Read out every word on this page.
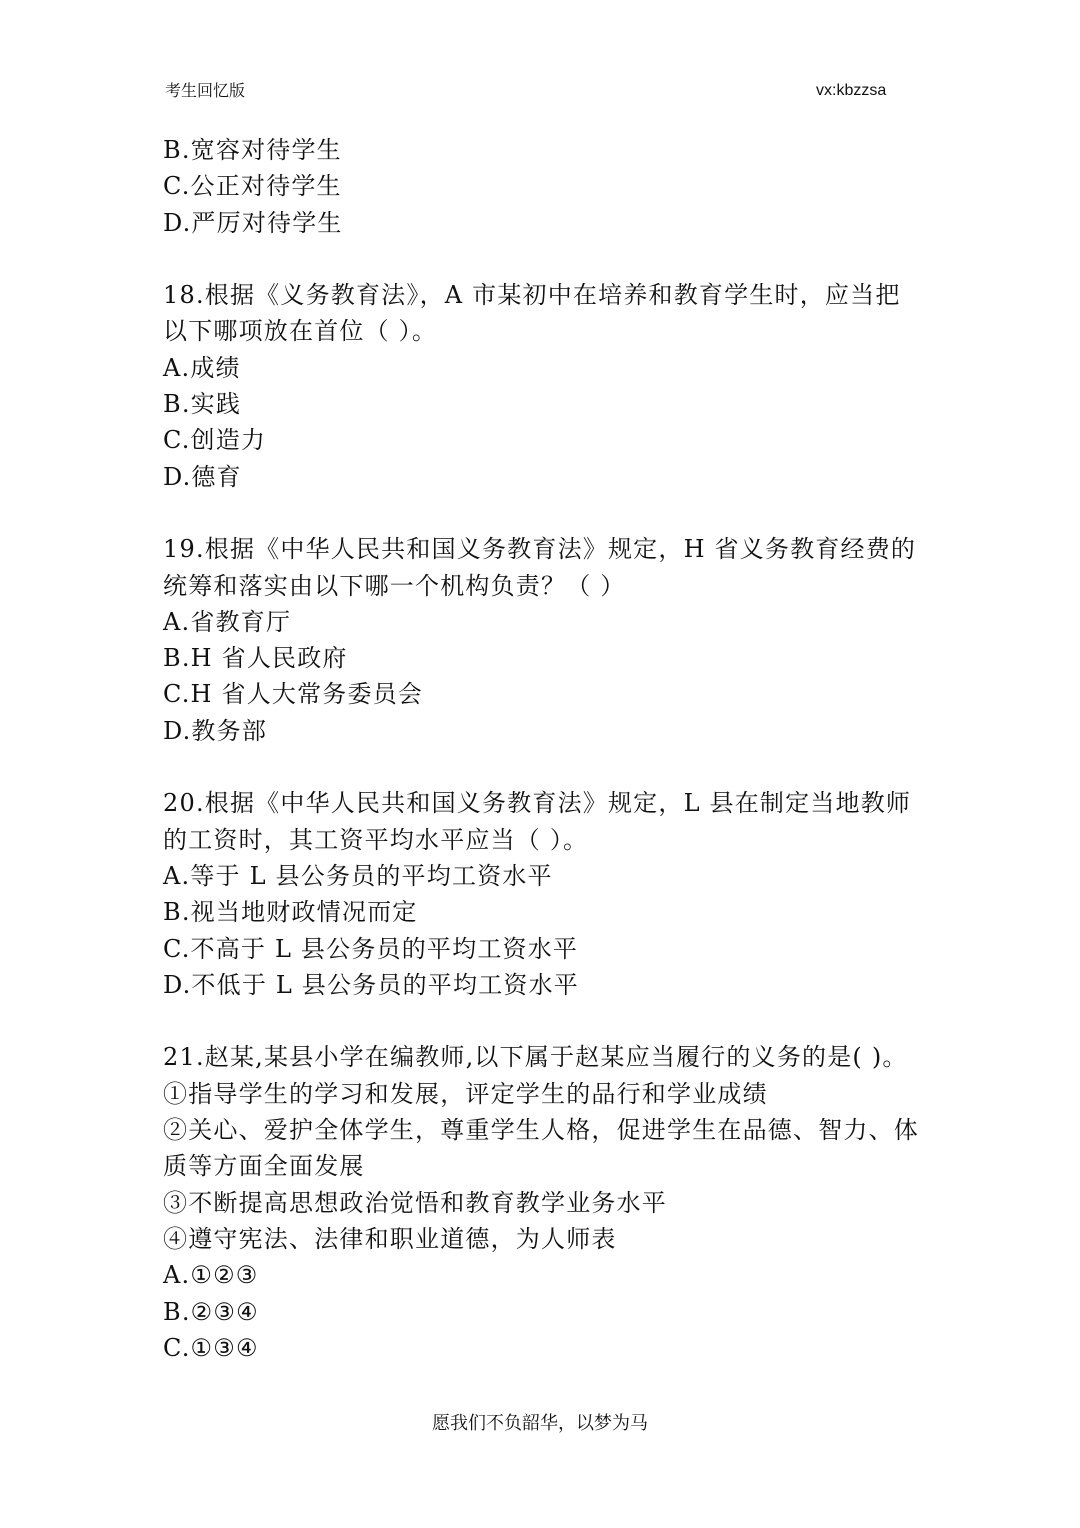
考生回忆版	vx:kbzzsa
B.宽容对待学生
C.公正对待学生
D.严厉对待学生
18.根据《义务教育法》，A 市某初中在培养和教育学生时，应当把
以下哪项放在首位（ ）。
A.成绩
B.实践
C.创造力
D.德育
19.根据《中华人民共和国义务教育法》规定，H 省义务教育经费的
统筹和落实由以下哪一个机构负责？（ ）
A.省教育厅
B.H 省人民政府
C.H 省人大常务委员会
D.教务部
20.根据《中华人民共和国义务教育法》规定，L 县在制定当地教师
的工资时，其工资平均水平应当（ ）。
A.等于 L 县公务员的平均工资水平
B.视当地财政情况而定
C.不高于 L 县公务员的平均工资水平
D.不低于 L 县公务员的平均工资水平
21.赵某,某县小学在编教师,以下属于赵某应当履行的义务的是( )。
①指导学生的学习和发展，评定学生的品行和学业成绩
②关心、爱护全体学生，尊重学生人格，促进学生在品德、智力、体
质等方面全面发展
③不断提高思想政治觉悟和教育教学业务水平
④遵守宪法、法律和职业道德，为人师表
A.①②③
B.②③④
C.①③④
愿我们不负韶华，以梦为马
